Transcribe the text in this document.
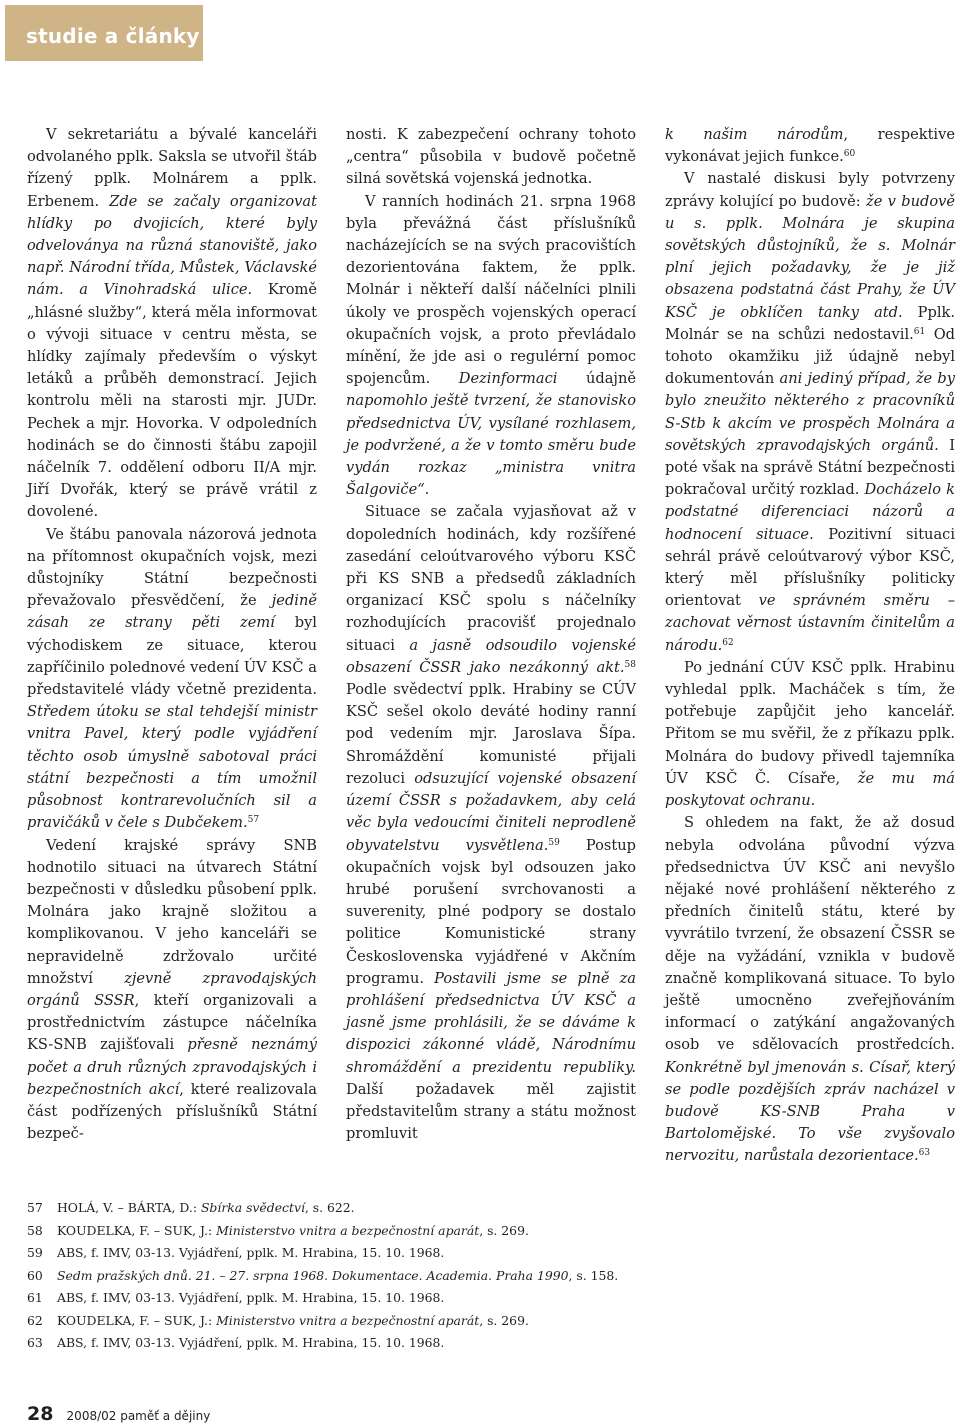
studie a články

V sekretariátu a bývalé kanceláři odvolaného pplk. Saksla se utvořil štáb řízený pplk. Molnárem a pplk. Erbenem. Zde se začaly organizovat hlídky po dvojicích, které byly odveloványa na různá stanoviště, jako např. Národní třída, Můstek, Václavské nám. a Vinohradská ulice. Kromě „hlásné služby“, která měla informovat o vývoji situace v centru města, se hlídky zajímaly především o výskyt letáků a průběh demonstrací. Jejich kontrolu měli na starosti mjr. JUDr. Pechek a mjr. Hovorka. V odpoledních hodinách se do činnosti štábu zapojil náčelník 7. oddělení odboru II/A mjr. Jiří Dvořák, který se právě vrátil z dovolené.

Ve štábu panovala názorová jednota na přítomnost okupačních vojsk, mezi důstojníky Státní bezpečnosti převažovalo přesvědčení, že jedině zásah ze strany pěti zemí byl východiskem ze situace, kterou zapříčinilo polednové vedení ÚV KSČ a představitelé vlády včetně prezidenta. Středem útoku se stal tehdejší ministr vnitra Pavel, který podle vyjádření těchto osob úmyslně sabotoval práci státní bezpečnosti a tím umožnil působnost kontrarevolučních sil a pravičáků v čele s Dubčekem.$^{57}$

Vedení krajské správy SNB hodnotilo situaci na útvarech Státní bezpečnosti v důsledku působení pplk. Molnára jako krajně složitou a komplikovanou. V jeho kanceláři se nepravidelně zdržovalo určité množství zjevně zpravodajských orgánů SSSR, kteří organizovali a prostřednictvím zástupce náčelníka KS-SNB zajišťovali přesně neznámý počet a druh různých zpravodajských i bezpečnostních akcí, které realizovala část podřízených příslušníků Státní bezpeč-

nosti. K zabezpečení ochrany tohoto „centra“ působila v budově početně silná sovětská vojenská jednotka.

V ranních hodinách 21. srpna 1968 byla převážná část příslušníků nacházejících se na svých pracovištích dezorientována faktem, že pplk. Molnár i někteří další náčelníci plnili úkoly ve prospěch vojenských operací okupačních vojsk, a proto převládalo mínění, že jde asi o regulérní pomoc spojencům. Dezinformaci údajně napomohlo ještě tvrzení, že stanovisko předsednictva ÚV, vysílané rozhlasem, je podvržené, a že v tomto směru bude vydán rozkaz „ministra vnitra Šalgoviče“.

Situace se začala vyjasňovat až v dopoledních hodinách, kdy rozšířené zasedání celoútvarového výboru KSČ při KS SNB a předsedů základních organizací KSČ spolu s náčelníky rozhodujících pracovišť projednalo situaci a jasně odsoudilo vojenské obsazení ČSSR jako nezákonný akt.$^{58}$ Podle svědectví pplk. Hrabiny se CÚV KSČ sešel okolo deváté hodiny ranní pod vedením mjr. Jaroslava Šípa. Shromáždění komunisté přijali rezoluci odsuzující vojenské obsazení území ČSSR s požadavkem, aby celá věc byla vedoucími činiteli neprodleně obyvatelstvu vysvětlena.$^{59}$ Postup okupačních vojsk byl odsouzen jako hrubé porušení svrchovanosti a suverenity, plné podpory se dostalo politice Komunistické strany Československa vyjádřené v Akčním programu. Postavili jsme se plně za prohlášení předsednictva ÚV KSČ a jasně jsme prohlásili, že se dáváme k dispozici zákonné vládě, Národnímu shromáždění a prezidentu republiky. Další požadavek měl zajistit představitelům strany a státu možnost promluvit

k našim národům, respektive vykonávat jejich funkce.$^{60}$

V nastalé diskusi byly potvrzeny zprávy kolující po budově: že v budově u s. pplk. Molnára je skupina sovětských důstojníků, že s. Molnár plní jejich požadavky, že je již obsazena podstatná část Prahy, že ÚV KSČ je obklíčen tanky atd. Pplk. Molnár se na schůzi nedostavil.$^{61}$ Od tohoto okamžiku již údajně nebyl dokumentován ani jediný případ, že by bylo zneužito některého z pracovníků S-Stb k akcím ve prospěch Molnára a sovětských zpravodajských orgánů. I poté však na správě Státní bezpečnosti pokračoval určitý rozklad. Docházelo k podstatné diferenciaci názorů a hodnocení situace. Pozitivní situaci sehrál právě celoútvarový výbor KSČ, který měl příslušníky politicky orientovat ve správném směru – zachovat věrnost ústavním činitelům a národu.$^{62}$

Po jednání CÚV KSČ pplk. Hrabinu vyhledal pplk. Macháček s tím, že potřebuje zapůjčit jeho kancelář. Přitom se mu svěřil, že z příkazu pplk. Molnára do budovy přivedl tajemníka ÚV KSČ Č. Císaře, že mu má poskytovat ochranu.

S ohledem na fakt, že až dosud nebyla odvolána původní výzva předsednictva ÚV KSČ ani nevyšlo nějaké nové prohlášení některého z předních činitelů státu, které by vyvrátilo tvrzení, že obsazení ČSSR se děje na vyžádání, vznikla v budově značně komplikovaná situace. To bylo ještě umocněno zveřejňováním informací o zatýkání angažovaných osob ve sdělovacích prostředcích. Konkrétně byl jmenován s. Císař, který se podle pozdějších zpráv nacházel v budově KS-SNB Praha v Bartolomějské. To vše zvyšovalo nervozitu, narůstala dezorientace.$^{63}$

57	HOLÁ, V. – BÁRTA, D.: Sbírka svědectví, s. 622.
58	KOUDELKA, F. – SUK, J.: Ministerstvo vnitra a bezpečnostní aparát, s. 269.
59	ABS, f. IMV, 03-13. Vyjádření, pplk. M. Hrabina, 15. 10. 1968.
60	Sedm pražských dnů. 21. – 27. srpna 1968. Dokumentace. Academia. Praha 1990, s. 158.
61	ABS, f. IMV, 03-13. Vyjádření, pplk. M. Hrabina, 15. 10. 1968.
62	KOUDELKA, F. – SUK, J.: Ministerstvo vnitra a bezpečnostní aparát, s. 269.
63	ABS, f. IMV, 03-13. Vyjádření, pplk. M. Hrabina, 15. 10. 1968.
28 2008/02 paměť a dějiny
